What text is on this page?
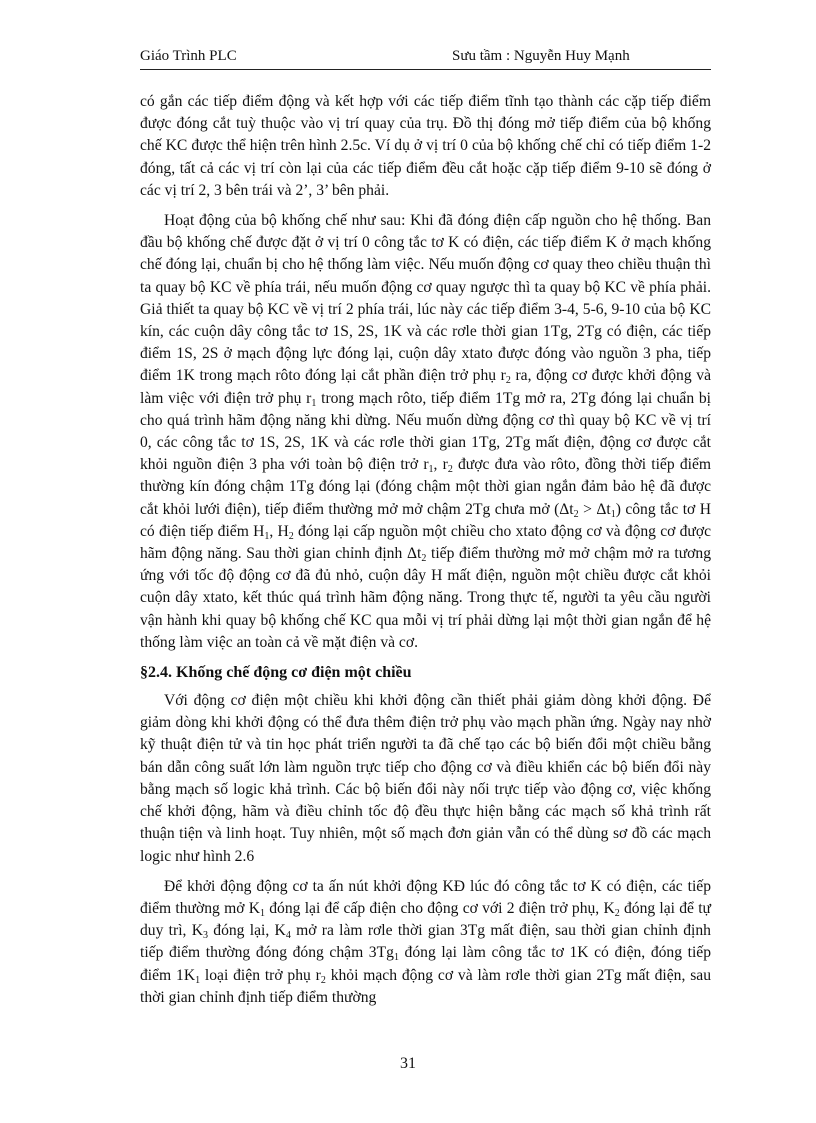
Giáo Trình PLC	Sưu tầm : Nguyễn Huy Mạnh

có gắn các tiếp điểm động và kết hợp với các tiếp điểm tĩnh tạo thành các cặp tiếp điểm được đóng cắt tuỳ thuộc vào vị trí quay của trụ. Đồ thị đóng mở tiếp điểm của bộ khống chế KC được thể hiện trên hình 2.5c. Ví dụ ở vị trí 0 của bộ khống chế chỉ có tiếp điểm 1-2 đóng, tất cả các vị trí còn lại của các tiếp điểm đều cắt hoặc cặp tiếp điểm 9-10 sẽ đóng ở các vị trí 2, 3 bên trái và 2’, 3’ bên phải.

Hoạt động của bộ khống chế như sau: Khi đã đóng điện cấp nguồn cho hệ thống. Ban đầu bộ khống chế được đặt ở vị trí 0 công tắc tơ K có điện, các tiếp điểm K ở mạch khống chế đóng lại, chuẩn bị cho hệ thống làm việc. Nếu muốn động cơ quay theo chiều thuận thì ta quay bộ KC về phía trái, nếu muốn động cơ quay ngược thì ta quay bộ KC về phía phải. Giả thiết ta quay bộ KC về vị trí 2 phía trái, lúc này các tiếp điểm 3-4, 5-6, 9-10 của bộ KC kín, các cuộn dây công tắc tơ 1S, 2S, 1K và các rơle thời gian 1Tg, 2Tg có điện, các tiếp điểm 1S, 2S ở mạch động lực đóng lại, cuộn dây xtato được đóng vào nguồn 3 pha, tiếp điểm 1K trong mạch rôto đóng lại cắt phần điện trở phụ $r_2$ ra, động cơ được khởi động và làm việc với điện trở phụ $r_1$ trong mạch rôto, tiếp điểm 1Tg mở ra, 2Tg đóng lại chuẩn bị cho quá trình hãm động năng khi dừng. Nếu muốn dừng động cơ thì quay bộ KC về vị trí 0, các công tắc tơ 1S, 2S, 1K và các rơle thời gian 1Tg, 2Tg mất điện, động cơ được cắt khỏi nguồn điện 3 pha với toàn bộ điện trở $r_1$, $r_2$ được đưa vào rôto, đồng thời tiếp điểm thường kín đóng chậm 1Tg đóng lại (đóng chậm một thời gian ngắn đảm bảo hệ đã được cắt khỏi lưới điện), tiếp điểm thường mở mở chậm 2Tg chưa mở $(\Delta t_2 > \Delta t_1)$ công tắc tơ H có điện tiếp điểm $H_1$, $H_2$ đóng lại cấp nguồn một chiều cho xtato động cơ và động cơ được hãm động năng. Sau thời gian chỉnh định $\Delta t_2$ tiếp điểm thường mở mở chậm mở ra tương ứng với tốc độ động cơ đã đủ nhỏ, cuộn dây H mất điện, nguồn một chiều được cắt khỏi cuộn dây xtato, kết thúc quá trình hãm động năng. Trong thực tế, người ta yêu cầu người vận hành khi quay bộ khống chế KC qua mỗi vị trí phải dừng lại một thời gian ngắn để hệ thống làm việc an toàn cả về mặt điện và cơ.

§2.4. Khống chế động cơ điện một chiều

Với động cơ điện một chiều khi khởi động cần thiết phải giảm dòng khởi động. Để giảm dòng khi khởi động có thể đưa thêm điện trở phụ vào mạch phần ứng. Ngày nay nhờ kỹ thuật điện tử và tin học phát triển người ta đã chế tạo các bộ biến đổi một chiều bằng bán dẫn công suất lớn làm nguồn trực tiếp cho động cơ và điều khiển các bộ biến đổi này bằng mạch số logic khả trình. Các bộ biến đổi này nối trực tiếp vào động cơ, việc khống chế khởi động, hãm và điều chỉnh tốc độ đều thực hiện bằng các mạch số khả trình rất thuận tiện và linh hoạt. Tuy nhiên, một số mạch đơn giản vẫn có thể dùng sơ đồ các mạch logic như hình 2.6

Để khởi động động cơ ta ấn nút khởi động KĐ lúc đó công tắc tơ K có điện, các tiếp điểm thường mở $K_1$ đóng lại để cấp điện cho động cơ với 2 điện trở phụ, $K_2$ đóng lại để tự duy trì, $K_3$ đóng lại, $K_4$ mở ra làm rơle thời gian 3Tg mất điện, sau thời gian chỉnh định tiếp điểm thường đóng đóng chậm $3Tg_1$ đóng lại làm công tắc tơ 1K có điện, đóng tiếp điểm $1K_1$ loại điện trở phụ $r_2$ khỏi mạch động cơ và làm rơle thời gian 2Tg mất điện, sau thời gian chỉnh định tiếp điểm thường

31
